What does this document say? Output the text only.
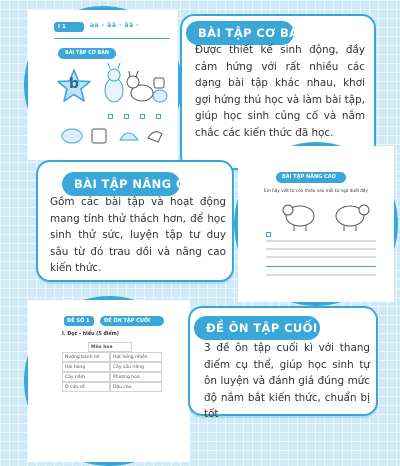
I 1	aa - ăă - ââ -
BÀI TẬP CƠ BẢN
b
BÀI TẬP CƠ BẢN
Được thiết kế sinh động, đầy cảm hứng với rất nhiều các dạng bài tập khác nhau, khơi gợi hứng thú học và làm bài tập, giúp học sinh củng cố và nắm chắc các kiến thức đã học.
BÀI TẬP NÂNG CAO
Gồm các bài tập và hoạt động mang tính thử thách hơn, để học sinh thử sức, luyện tập tư duy sâu từ đó trau dồi và nâng cao kiến thức.
BÀI TẬP NÂNG CAO
Em hãy viết từ còn thiếu vào mỗi từ ngữ dưới đây
ĐỀ SỐ 1	ĐỀ ÔN TẬP CUỐI
I. Đọc - hiểu (5 điểm)
Mèo hoa
Nướng bánh mì	Hạt hồng nhiên
Hái hồng	Cây sầu riêng
Cây nấm	Phượng hoa
Ô cửa sổ	Dậu cao
ĐỀ ÔN TẬP CUỐI KÌ
3 đề ôn tập cuối kì với thang điểm cụ thể, giúp học sinh tự ôn luyện và đánh giá đúng mức độ nắm bắt kiến thức, chuẩn bị tốt
